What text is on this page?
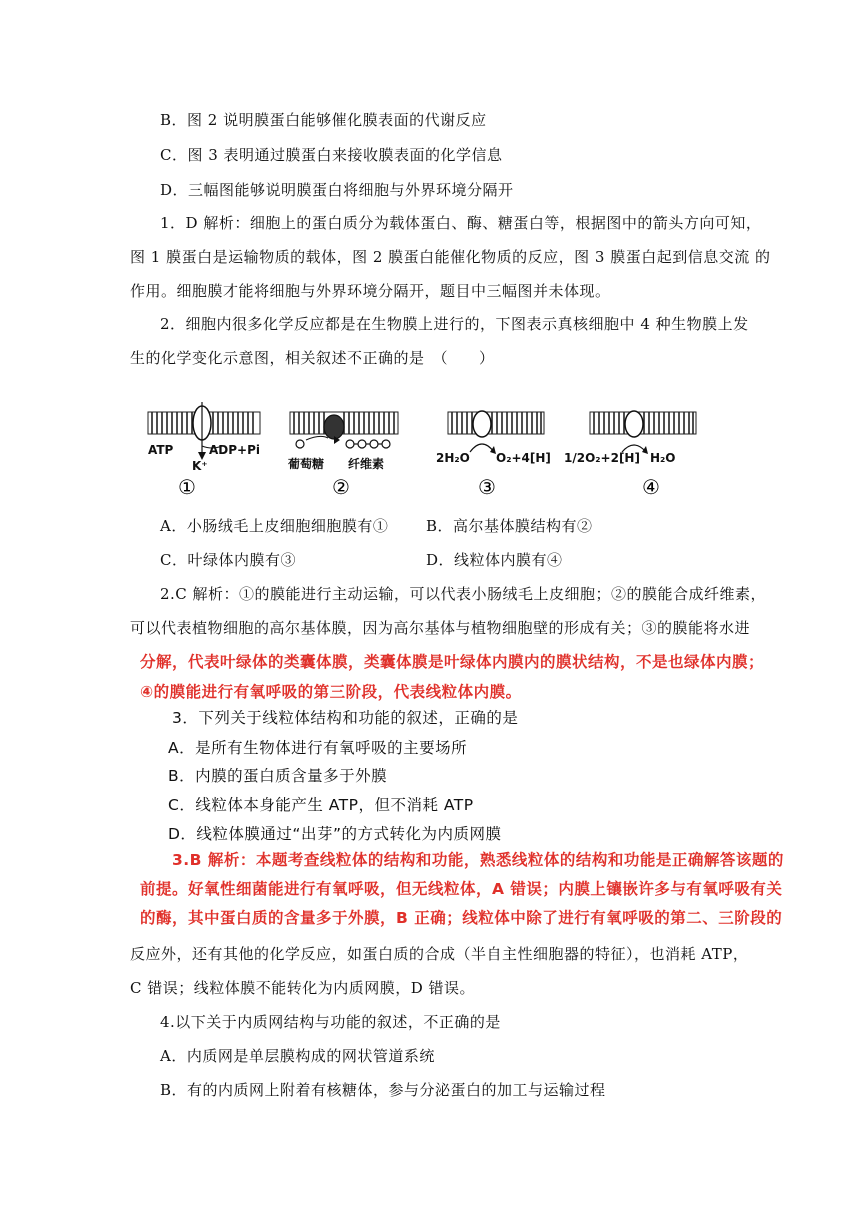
B．图 2 说明膜蛋白能够催化膜表面的代谢反应
C．图 3 表明通过膜蛋白来接收膜表面的化学信息
D．三幅图能够说明膜蛋白将细胞与外界环境分隔开
1．D 解析：细胞上的蛋白质分为载体蛋白、酶、糖蛋白等，根据图中的箭头方向可知，
图 1 膜蛋白是运输物质的载体，图 2 膜蛋白能催化物质的反应，图 3 膜蛋白起到信息交流 的
作用。细胞膜才能将细胞与外界环境分隔开，题目中三幅图并未体现。
2．细胞内很多化学反应都是在生物膜上进行的，下图表示真核细胞中 4 种生物膜上发
生的化学变化示意图，相关叙述不正确的是　（　　）
ATP	ADP+Pi
K⁺
①
葡萄糖 纤维素
②
2H₂O O₂+4[H]
③
1/2O₂+2[H] H₂O
④
A．小肠绒毛上皮细胞细胞膜有①	B．高尔基体膜结构有②
C．叶绿体内膜有③	D．线粒体内膜有④
2.C 解析：①的膜能进行主动运输，可以代表小肠绒毛上皮细胞；②的膜能合成纤维素，
可以代表植物细胞的高尔基体膜，因为高尔基体与植物细胞壁的形成有关；③的膜能将水进
分解，代表叶绿体的类囊体膜，类囊体膜是叶绿体内膜内的膜状结构，不是也绿体内膜；
④的膜能进行有氧呼吸的第三阶段，代表线粒体内膜。
3．下列关于线粒体结构和功能的叙述，正确的是
A．是所有生物体进行有氧呼吸的主要场所
B．内膜的蛋白质含量多于外膜
C．线粒体本身能产生 ATP，但不消耗 ATP
D．线粒体膜通过“出芽”的方式转化为内质网膜
3.B 解析：本题考查线粒体的结构和功能，熟悉线粒体的结构和功能是正确解答该题的
前提。好氧性细菌能进行有氧呼吸，但无线粒体，A 错误；内膜上镶嵌许多与有氧呼吸有关
的酶，其中蛋白质的含量多于外膜，B 正确；线粒体中除了进行有氧呼吸的第二、三阶段的
反应外，还有其他的化学反应，如蛋白质的合成（半自主性细胞器的特征），也消耗 ATP，
C 错误；线粒体膜不能转化为内质网膜，D 错误。
4.以下关于内质网结构与功能的叙述，不正确的是
A．内质网是单层膜构成的网状管道系统
B．有的内质网上附着有核糖体，参与分泌蛋白的加工与运输过程
